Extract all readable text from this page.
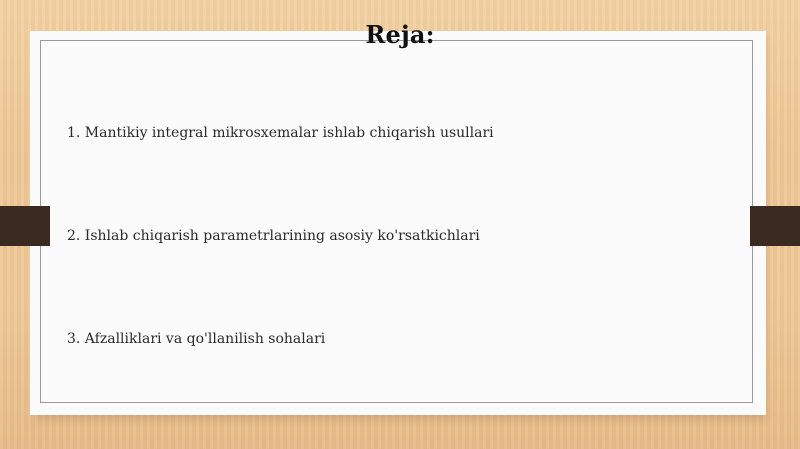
Reja:
1. Mantikiy integral mikrosxemalar ishlab chiqarish usullari
2. Ishlab chiqarish parametrlarining asosiy ko'rsatkichlari
3. Afzalliklari va qo'llanilish sohalari
